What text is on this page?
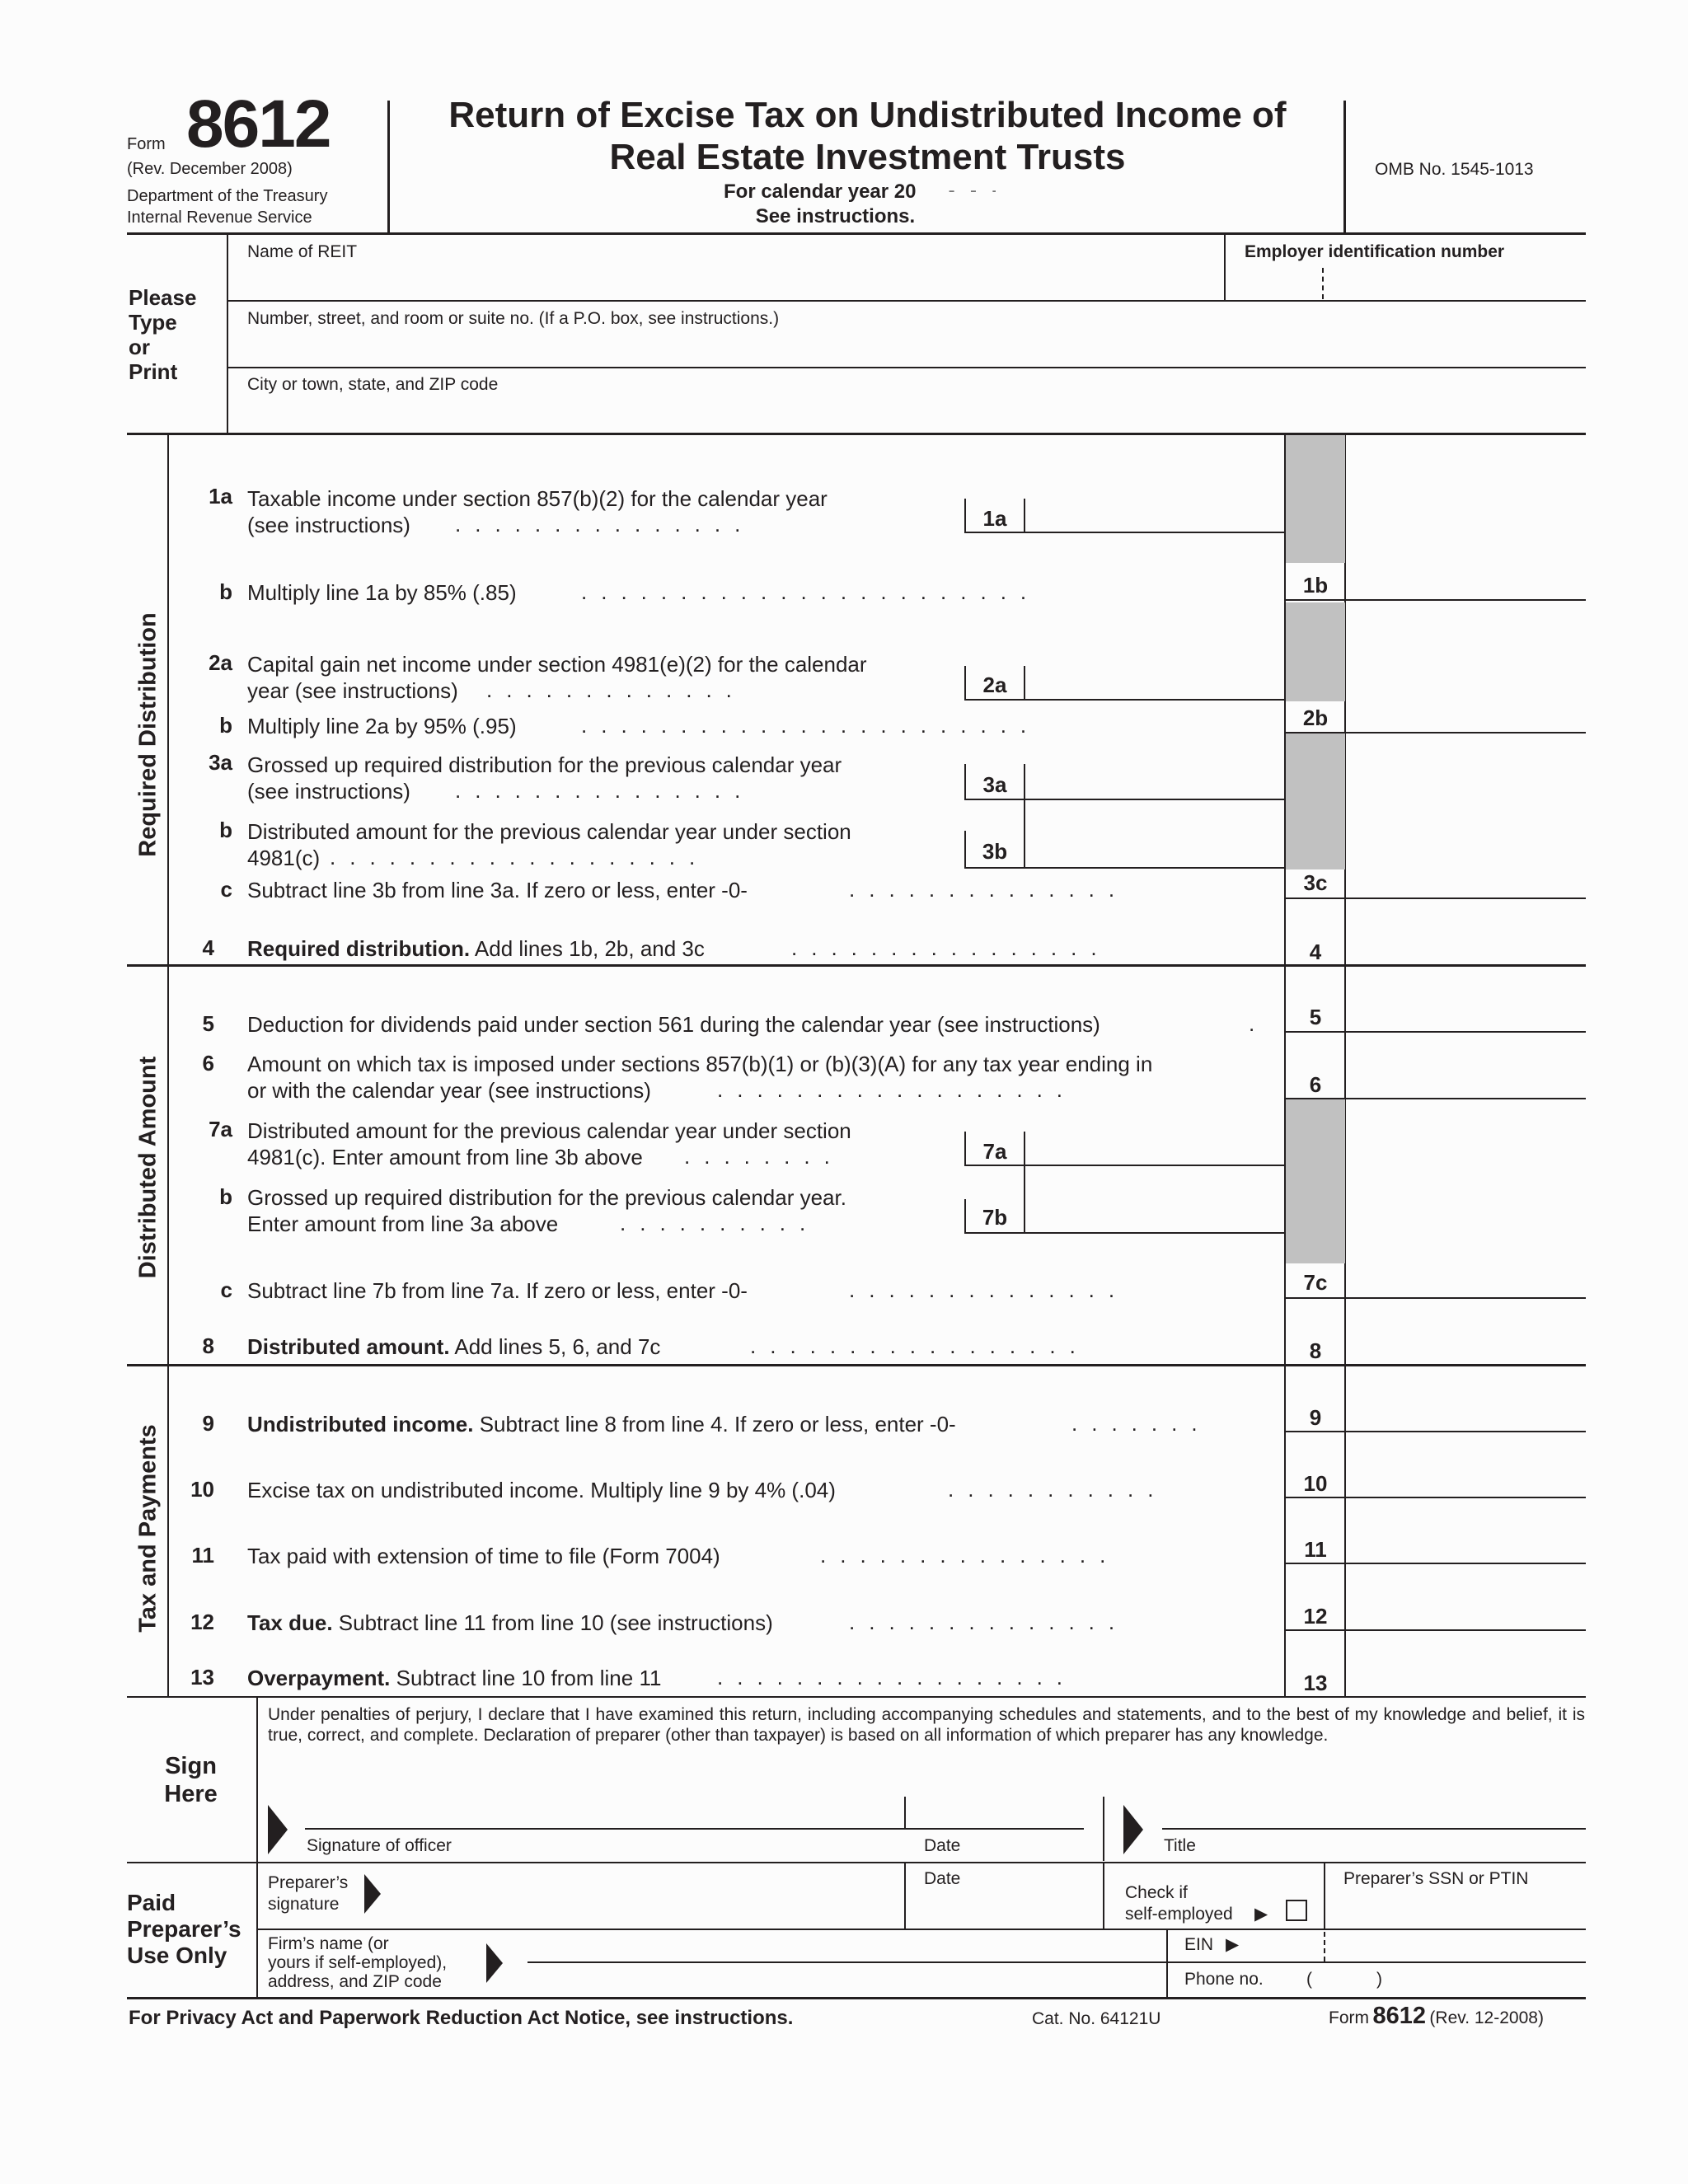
Form 8612
(Rev. December 2008)
Department of the Treasury
Internal Revenue Service
Return of Excise Tax on Undistributed Income of
Real Estate Investment Trusts
For calendar year 20
- - - - -
See instructions.
OMB No. 1545-1013
Please
Type
or
Print
Name of REIT	Employer identification number
Number, street, and room or suite no. (If a P.O. box, see instructions.)
City or town, state, and ZIP code
Required Distribution
Distributed Amount
Tax and Payments
1a Taxable income under section 857(b)(2) for the calendar year
(see instructions) ...............	1a
b Multiply line 1a by 85% (.85)	.......................	1b
2a Capital gain net income under section 4981(e)(2) for the calendar
year (see instructions) .............	2a
b Multiply line 2a by 95% (.95)	.......................	2b
3a Grossed up required distribution for the previous calendar year
(see instructions) ...............	3a
b Distributed amount for the previous calendar year under section
4981(c) ...................	3b
c Subtract line 3b from line 3a. If zero or less, enter -0-	..............	3c
4 Required distribution. Add lines 1b, 2b, and 3c	................	4
5 Deduction for dividends paid under section 561 during the calendar year (see instructions)	.	5
6 Amount on which tax is imposed under sections 857(b)(1) or (b)(3)(A) for any tax year ending in
or with the calendar year (see instructions)	..................	6
7a Distributed amount for the previous calendar year under section
4981(c). Enter amount from line 3b above ........	7a
b Grossed up required distribution for the previous calendar year.
Enter amount from line 3a above	..........	7b
c Subtract line 7b from line 7a. If zero or less, enter -0-	..............	7c
8 Distributed amount. Add lines 5, 6, and 7c	.................	8
9 Undistributed income. Subtract line 8 from line 4. If zero or less, enter -0-	.......	9
10 Excise tax on undistributed income. Multiply line 9 by 4% (.04)	...........	10
11 Tax paid with extension of time to file (Form 7004)	...............	11
12 Tax due. Subtract line 11 from line 10 (see instructions)	..............	12
13 Overpayment. Subtract line 10 from line 11	..................	13
Sign
Here
Under penalties of perjury, I declare that I have examined this return, including accompanying schedules and statements, and to the best of my knowledge and belief, it is true, correct, and complete. Declaration of preparer (other than taxpayer) is based on all information of which preparer has any knowledge.
Signature of officer	Date	Title
Paid
Preparer’s
Use Only
Preparer’s
signature
Date
Check if
self-employed ▶
Preparer’s SSN or PTIN
Firm’s name (or
yours if self-employed),
address, and ZIP code
EIN ▶
Phone no. (	)
For Privacy Act and Paperwork Reduction Act Notice, see instructions.	Cat. No. 64121U	Form 8612 (Rev. 12-2008)
